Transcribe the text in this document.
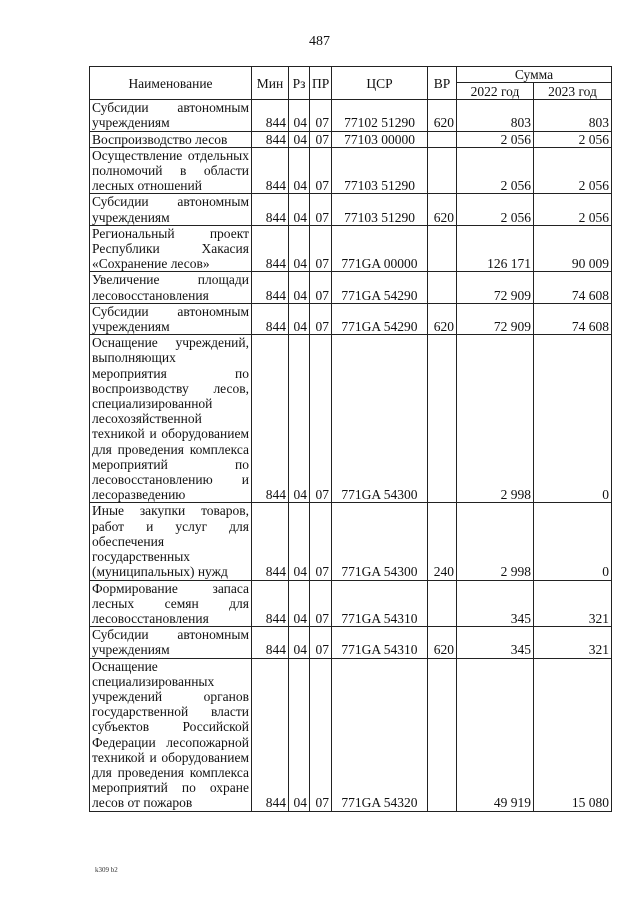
487
Наименование	Мин	Рз	ПР	ЦСР	ВР	Сумма	
						2022 год	2023 год
Субсидии автономным учреждениям	844	04	07	77102 51290	620	803	803
Воспроизводство лесов	844	04	07	77103 00000		2 056	2 056
Осуществление отдельных полномочий в области лесных отношений	844	04	07	77103 51290		2 056	2 056
Субсидии автономным учреждениям	844	04	07	77103 51290	620	2 056	2 056
Региональный проект Республики Хакасия «Сохранение лесов»	844	04	07	771GA 00000		126 171	90 009
Увеличение площади лесовосстановления	844	04	07	771GA 54290		72 909	74 608
Субсидии автономным учреждениям	844	04	07	771GA 54290	620	72 909	74 608
Оснащение учреждений, выполняющих мероприятия по воспроизводству лесов, специализированной лесохозяйственной техникой и оборудованием для проведения комплекса мероприятий по лесовосстановлению и лесоразведению	844	04	07	771GA 54300		2 998	0
Иные закупки товаров, работ и услуг для обеспечения государственных (муниципальных) нужд	844	04	07	771GA 54300	240	2 998	0
Формирование запаса лесных семян для лесовосстановления	844	04	07	771GA 54310		345	321
Субсидии автономным учреждениям	844	04	07	771GA 54310	620	345	321
Оснащение специализированных учреждений органов государственной власти субъектов Российской Федерации лесопожарной техникой и оборудованием для проведения комплекса мероприятий по охране лесов от пожаров	844	04	07	771GA 54320		49 919	15 080
k309 b2
